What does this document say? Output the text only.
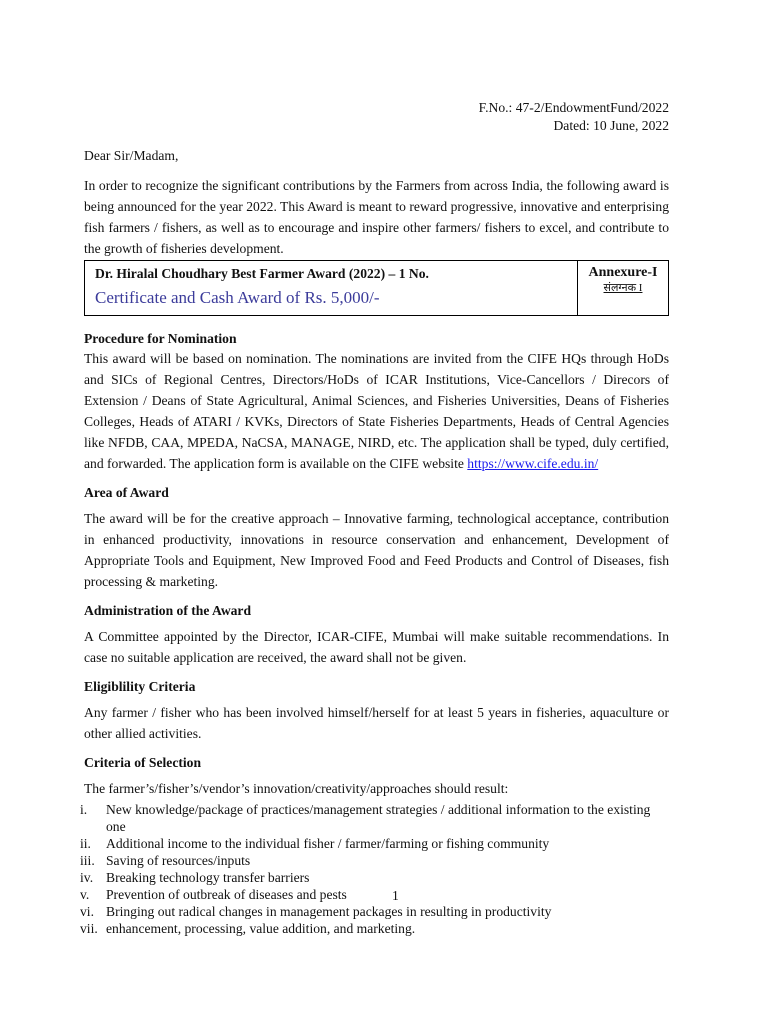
F.No.: 47-2/EndowmentFund/2022
Dated: 10 June, 2022
Dear Sir/Madam,

In order to recognize the significant contributions by the Farmers from across India, the following award is being announced for the year 2022. This Award is meant to reward progressive, innovative and enterprising fish farmers / fishers, as well as to encourage and inspire other farmers/ fishers to excel, and contribute to the growth of fisheries development.

Dr. Hiralal Choudhary Best Farmer Award (2022) – 1 No.
Certificate and Cash Award of Rs. 5,000/-

Annexure-I
संलग्नक I
Procedure for Nomination

This award will be based on nomination. The nominations are invited from the CIFE HQs through HoDs and SICs of Regional Centres, Directors/HoDs of ICAR Institutions, Vice-Cancellors / Direcors of Extension / Deans of State Agricultural, Animal Sciences, and Fisheries Universities, Deans of Fisheries Colleges, Heads of ATARI / KVKs, Directors of State Fisheries Departments, Heads of Central Agencies like NFDB, CAA, MPEDA, NaCSA, MANAGE, NIRD, etc. The application shall be typed, duly certified, and forwarded. The application form is available on the CIFE website https://www.cife.edu.in/

Area of Award

The award will be for the creative approach – Innovative farming, technological acceptance, contribution in enhanced productivity, innovations in resource conservation and enhancement, Development of Appropriate Tools and Equipment, New Improved Food and Feed Products and Control of Diseases, fish processing & marketing.

Administration of the Award

A Committee appointed by the Director, ICAR-CIFE, Mumbai will make suitable recommendations. In case no suitable application are received, the award shall not be given.

Eligiblility Criteria

Any farmer / fisher who has been involved himself/herself for at least 5 years in fisheries, aquaculture or other allied activities.

Criteria of Selection

The farmer’s/fisher’s/vendor’s innovation/creativity/approaches should result:

i.	New knowledge/package of practices/management strategies / additional information to the existing one
ii.	Additional income to the individual fisher / farmer/farming or fishing community
iii. Saving of resources/inputs
iv. Breaking technology transfer barriers
v.	Prevention of outbreak of diseases and pests
vi. Bringing out radical changes in management packages in resulting in productivity
vii. enhancement, processing, value addition, and marketing.
1
